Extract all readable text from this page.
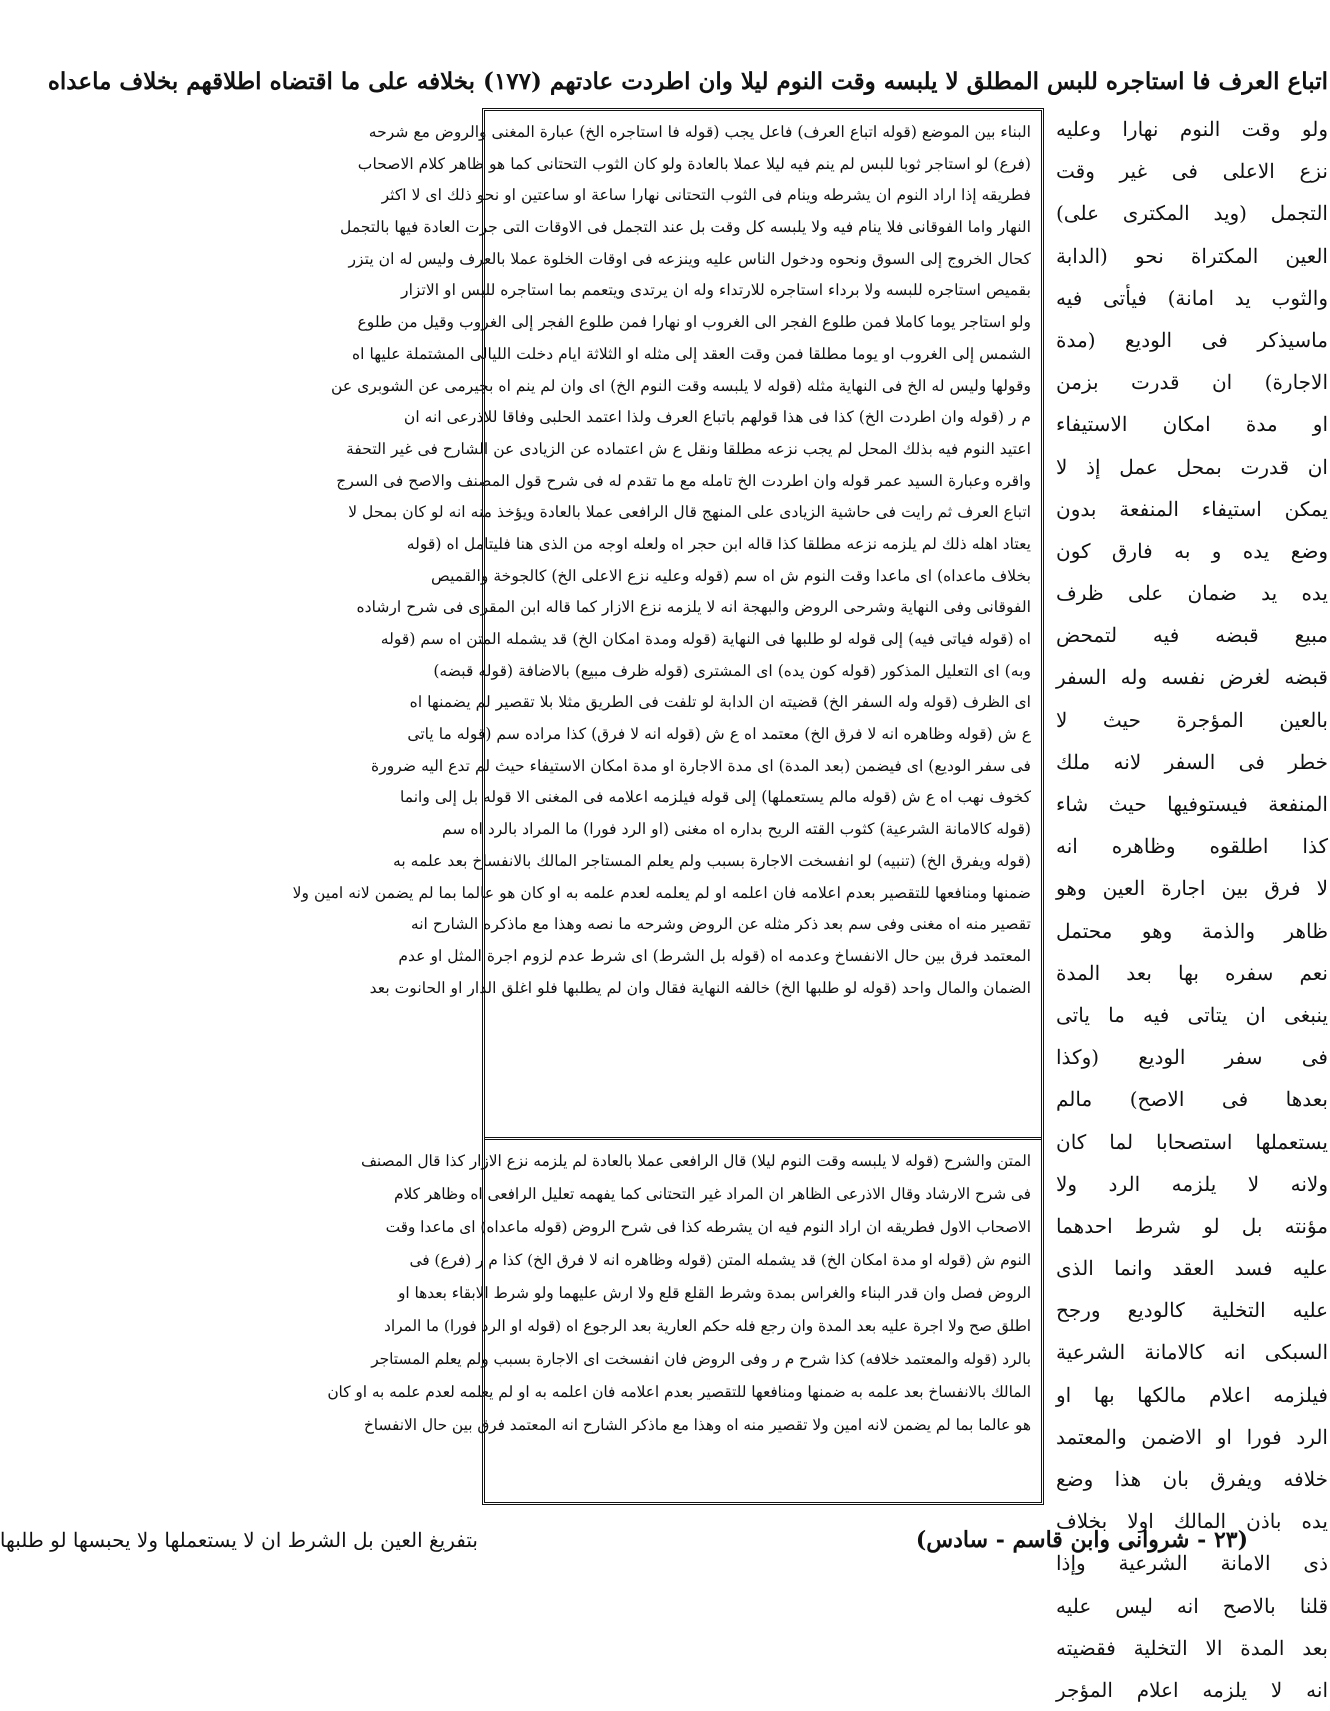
اتباع العرف فا استاجره للبس المطلق لا يلبسه وقت النوم ليلا وان اطردت عادتهم (١٧٧) بخلافه على ما اقتضاه اطلاقهم بخلاف ماعداه

ولو وقت النوم نهارا وعليه

نزع الاعلى فى غير وقت

التجمل (ويد المكترى على)

العين المكتراة نحو (الدابة

والثوب يد امانة) فيأتى فيه

ماسيذكر فى الوديع (مدة

الاجارة) ان قدرت بزمن

او مدة امكان الاستيفاء

ان قدرت بمحل عمل إذ لا

يمكن استيفاء المنفعة بدون

وضع يده و به فارق كون

يده يد ضمان على ظرف

مبيع قبضه فيه لتمحض

قبضه لغرض نفسه وله السفر

بالعين المؤجرة حيث لا

خطر فى السفر لانه ملك

المنفعة فيستوفيها حيث شاء

كذا اطلقوه وظاهره انه

لا فرق بين اجارة العين وهو

ظاهر والذمة وهو محتمل

نعم سفره بها بعد المدة

ينبغى ان يتاتى فيه ما ياتى

فى سفر الوديع (وكذا

بعدها فى الاصح) مالم

يستعملها استصحابا لما كان

ولانه لا يلزمه الرد ولا

مؤنته بل لو شرط احدهما

عليه فسد العقد وانما الذى

عليه التخلية كالوديع ورجح

السبكى انه كالامانة الشرعية

فيلزمه اعلام مالكها بها او

الرد فورا او الاضمن والمعتمد

خلافه ويفرق بان هذا وضع

يده باذن المالك اولا بخلاف

ذى الامانة الشرعية وإذا

قلنا بالاصح انه ليس عليه

بعد المدة الا التخلية فقضيته

انه لا يلزمه اعلام المؤجر

البناء بين الموضع (قوله اتباع العرف) فاعل يجب (قوله فا استاجره الخ) عبارة المغنى والروض مع شرحه

(فرع) لو استاجر ثوبا للبس لم ينم فيه ليلا عملا بالعادة ولو كان الثوب التحتانى كما هو ظاهر كلام الاصحاب

فطريقه إذا اراد النوم ان يشرطه وينام فى الثوب التحتانى نهارا ساعة او ساعتين او نحو ذلك اى لا اكثر

النهار واما الفوقانى فلا ينام فيه ولا يلبسه كل وقت بل عند التجمل فى الاوقات التى جرت العادة فيها بالتجمل

كحال الخروج إلى السوق ونحوه ودخول الناس عليه وينزعه فى اوقات الخلوة عملا بالعرف وليس له ان يتزر

بقميص استاجره للبسه ولا برداء استاجره للارتداء وله ان يرتدى ويتعمم بما استاجره للبس او الاتزار

ولو استاجر يوما كاملا فمن طلوع الفجر الى الغروب او نهارا فمن طلوع الفجر إلى الغروب وقيل من طلوع

الشمس إلى الغروب او يوما مطلقا فمن وقت العقد إلى مثله او الثلاثة ايام دخلت الليالى المشتملة عليها اه

وقولها وليس له الخ فى النهاية مثله (قوله لا يلبسه وقت النوم الخ) اى وان لم ينم اه بجيرمى عن الشوبرى عن

م ر (قوله وان اطردت الخ) كذا فى هذا قولهم باتباع العرف ولذا اعتمد الحلبى وفاقا للاذرعى انه ان

اعتيد النوم فيه بذلك المحل لم يجب نزعه مطلقا ونقل ع ش اعتماده عن الزيادى عن الشارح فى غير التحفة

واقره وعبارة السيد عمر قوله وان اطردت الخ تامله مع ما تقدم له فى شرح قول المصنف والاصح فى السرج

اتباع العرف ثم رايت فى حاشية الزيادى على المنهج قال الرافعى عملا بالعادة ويؤخذ منه انه لو كان بمحل لا

يعتاد اهله ذلك لم يلزمه نزعه مطلقا كذا قاله ابن حجر اه ولعله اوجه من الذى هنا فليتامل اه (قوله

بخلاف ماعداه) اى ماعدا وقت النوم ش اه سم (قوله وعليه نزع الاعلى الخ) كالجوخة والقميص

الفوقانى وفى النهاية وشرحى الروض والبهجة انه لا يلزمه نزع الازار كما قاله ابن المقرى فى شرح ارشاده

اه (قوله فياتى فيه) إلى قوله لو طلبها فى النهاية (قوله ومدة امكان الخ) قد يشمله المتن اه سم (قوله

وبه) اى التعليل المذكور (قوله كون يده) اى المشترى (قوله ظرف مبيع) بالاضافة (قوله قبضه)

اى الظرف (قوله وله السفر الخ) قضيته ان الدابة لو تلفت فى الطريق مثلا بلا تقصير لم يضمنها اه

ع ش (قوله وظاهره انه لا فرق الخ) معتمد اه ع ش (قوله انه لا فرق) كذا مراده سم (قوله ما ياتى

فى سفر الوديع) اى فيضمن (بعد المدة) اى مدة الاجارة او مدة امكان الاستيفاء حيث لم تدع اليه ضرورة

كخوف نهب اه ع ش (قوله مالم يستعملها) إلى قوله فيلزمه اعلامه فى المغنى الا قوله بل إلى وانما

(قوله كالامانة الشرعية) كثوب القته الريح بداره اه مغنى (او الرد فورا) ما المراد بالرد اه سم

(قوله ويفرق الخ) (تنبيه) لو انفسخت الاجارة بسبب ولم يعلم المستاجر المالك بالانفساخ بعد علمه به

ضمنها ومنافعها للتقصير بعدم اعلامه فان اعلمه او لم يعلمه لعدم علمه به او كان هو عالما بما لم يضمن لانه امين ولا

تقصير منه اه مغنى وفى سم بعد ذكر مثله عن الروض وشرحه ما نصه وهذا مع ماذكره الشارح انه

المعتمد فرق بين حال الانفساخ وعدمه اه (قوله بل الشرط) اى شرط عدم لزوم اجرة المثل او عدم

الضمان والمال واحد (قوله لو طلبها الخ) خالفه النهاية فقال وان لم يطلبها فلو اغلق الدار او الحانوت بعد

المتن والشرح (قوله لا يلبسه وقت النوم ليلا) قال الرافعى عملا بالعادة لم يلزمه نزع الازار كذا قال المصنف

فى شرح الارشاد وقال الاذرعى الظاهر ان المراد غير التحتانى كما يفهمه تعليل الرافعى اه وظاهر كلام

الاصحاب الاول فطريقه ان اراد النوم فيه ان يشرطه كذا فى شرح الروض (قوله ماعداه) اى ماعدا وقت

النوم ش (قوله او مدة امكان الخ) قد يشمله المتن (قوله وظاهره انه لا فرق الخ) كذا م ر (فرع) فى

الروض فصل وان قدر البناء والغراس بمدة وشرط القلع قلع ولا ارش عليهما ولو شرط الابقاء بعدها او

اطلق صح ولا اجرة عليه بعد المدة وان رجع فله حكم العارية بعد الرجوع اه (قوله او الرد فورا) ما المراد

بالرد (قوله والمعتمد خلافه) كذا شرح م ر وفى الروض فان انفسخت اى الاجارة بسبب ولم يعلم المستاجر

المالك بالانفساخ بعد علمه به ضمنها ومنافعها للتقصير بعدم اعلامه فان اعلمه به او لم يعلمه لعدم علمه به او كان

هو عالما بما لم يضمن لانه امين ولا تقصير منه اه وهذا مع ماذكر الشارح انه المعتمد فرق بين حال الانفساخ

(٢٣ - شروانى وابن قاسم - سادس)
بتفريغ العين بل الشرط ان لا يستعملها ولا يحبسها لو طلبها
